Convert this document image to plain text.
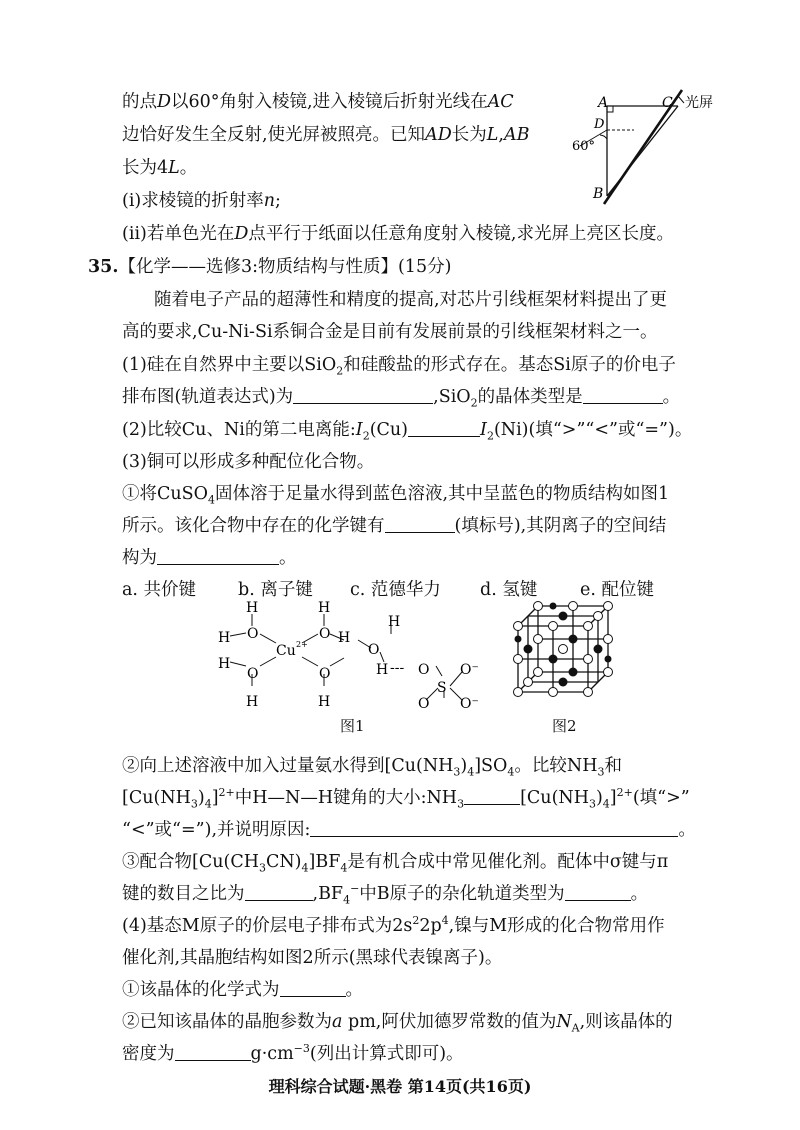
的点D以60°角射入棱镜,进入棱镜后折射光线在AC
边恰好发生全反射,使光屏被照亮。已知AD长为L,AB
长为4L。
(ⅰ)求棱镜的折射率n;
(ⅱ)若单色光在D点平行于纸面以任意角度射入棱镜,求光屏上亮区长度。
A	C
D
60°
B
光屏
35.【化学——选修3:物质结构与性质】(15分)
随着电子产品的超薄性和精度的提高,对芯片引线框架材料提出了更
高的要求,Cu-Ni-Si系铜合金是目前有发展前景的引线框架材料之一。
(1)硅在自然界中主要以SiO$_2$和硅酸盐的形式存在。基态Si原子的价电子
排布图(轨道表达式)为	,SiO$_2$的晶体类型是	。
(2)比较Cu、Ni的第二电离能$:I_2(Cu)$	$I_2(Ni)$(填“>”“<”或“=”)。
(3)铜可以形成多种配位化合物。
①将CuSO$_4$固体溶于足量水得到蓝色溶液,其中呈蓝色的物质结构如图1
所示。该化合物中存在的化学键有	(填标号),其阴离子的空间结
构为	。
a. 共价键 b. 离子键 c. 范德华力 d. 氢键 e. 配位键
H	H
H O	O
Cu 2+ H
H
O
H
O	O	H --- O O⁻
S
H	H	O O⁻
图1	图2
②向上述溶液中加入过量氨水得到$[Cu(NH_3)_4]SO_4$。比较$NH_3$和
$[Cu(NH_3)_4]^{2+}$中H—N—H键角的大小$:NH_3$	$[Cu(NH_3)_4]^{2+}$(填“>”
“<”或“=”),并说明原因:	。
③配合物$[Cu(CH_3CN)_4]BF_4$是有机合成中常见催化剂。配体中σ键与π
键的数目之比为	$,BF_4^-$中B原子的杂化轨道类型为	。
(4)基态M原子的价层电子排布式为$2s^22p^4$,镍与M形成的化合物常用作
催化剂,其晶胞结构如图2所示(黑球代表镍离子)。
①该晶体的化学式为	。
②已知该晶体的晶胞参数为a pm,阿伏加德罗常数的值为$N_A$,则该晶体的
密度为	$g\cdot cm^{-3}$(列出计算式即可)。
理科综合试题·黑卷 第14页(共16页)
